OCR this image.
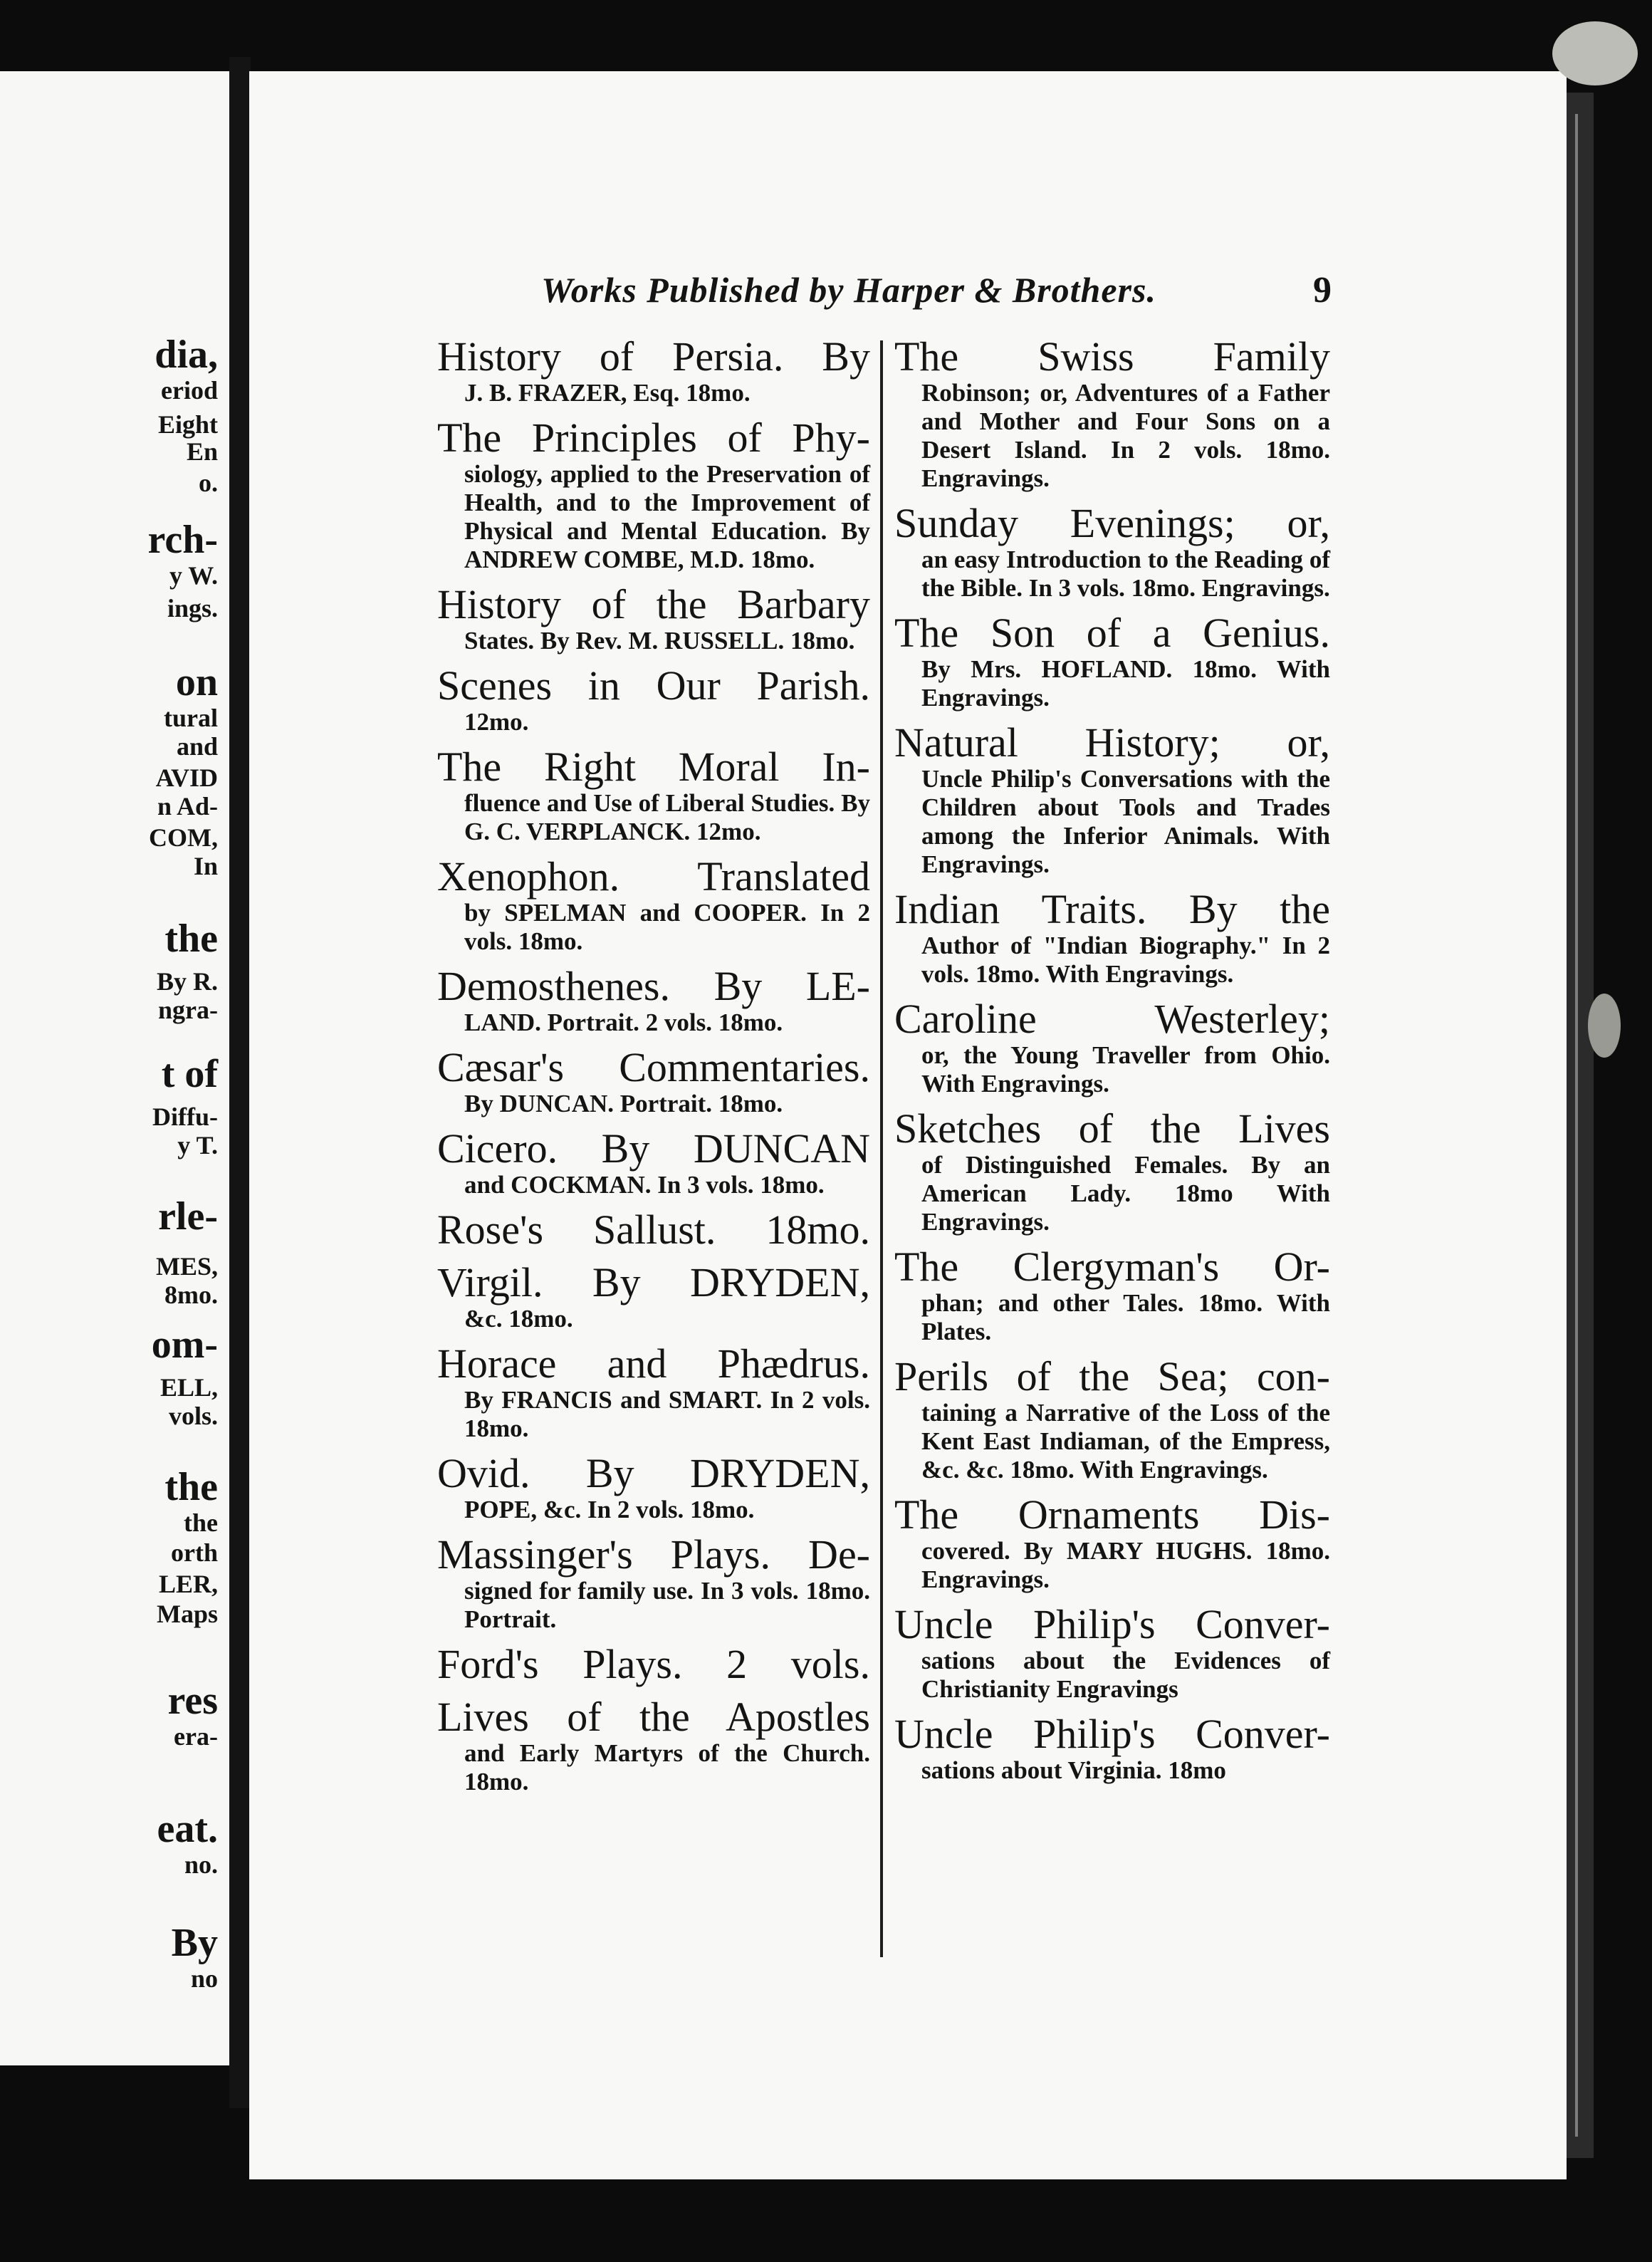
dia,
eriod
Eight
En
o.
rch-
y W.
ings.
on
tural
and
AVID
n Ad-
COM,
In
the
By R.
ngra-
t of
Diffu-
y T.
rle-
MES,
8mo.
om-
ELL,
vols.
the
the
orth
LER,
Maps
res
era-
eat.
no.
By
no
Works Published by Harper & Brothers.	9
History of Persia. By
J. B. FRAZER, Esq. 18mo.
The Principles of Phy-
siology, applied to the Preservation of Health, and to the Improvement of Physical and Mental Education. By ANDREW COMBE, M.D. 18mo.
History of the Barbary
States. By Rev. M. RUSSELL. 18mo.
Scenes in Our Parish.
12mo.
The Right Moral In-
fluence and Use of Liberal Studies. By G. C. VERPLANCK. 12mo.
Xenophon. Translated
by SPELMAN and COOPER. In 2 vols. 18mo.
Demosthenes. By LE-
LAND. Portrait. 2 vols. 18mo.
Cæsar's Commentaries.
By DUNCAN. Portrait. 18mo.
Cicero. By DUNCAN
and COCKMAN. In 3 vols. 18mo.
Rose's Sallust. 18mo.
Virgil. By DRYDEN,
&c. 18mo.
Horace and Phædrus.
By FRANCIS and SMART. In 2 vols. 18mo.
Ovid. By DRYDEN,
POPE, &c. In 2 vols. 18mo.
Massinger's Plays. De-
signed for family use. In 3 vols. 18mo. Portrait.
Ford's Plays. 2 vols.
Lives of the Apostles
and Early Martyrs of the Church. 18mo.
The Swiss Family
Robinson; or, Adventures of a Father and Mother and Four Sons on a Desert Island. In 2 vols. 18mo. Engravings.
Sunday Evenings; or,
an easy Introduction to the Reading of the Bible. In 3 vols. 18mo. Engravings.
The Son of a Genius.
By Mrs. HOFLAND. 18mo. With Engravings.
Natural History; or,
Uncle Philip's Conversations with the Children about Tools and Trades among the Inferior Animals. With Engravings.
Indian Traits. By the
Author of "Indian Biography." In 2 vols. 18mo. With Engravings.
Caroline Westerley;
or, the Young Traveller from Ohio. With Engravings.
Sketches of the Lives
of Distinguished Females. By an American Lady. 18mo With Engravings.
The Clergyman's Or-
phan; and other Tales. 18mo. With Plates.
Perils of the Sea; con-
taining a Narrative of the Loss of the Kent East Indiaman, of the Empress, &c. &c. 18mo. With Engravings.
The Ornaments Dis-
covered. By MARY HUGHS. 18mo. Engravings.
Uncle Philip's Conver-
sations about the Evidences of Christianity Engravings
Uncle Philip's Conver-
sations about Virginia. 18mo
